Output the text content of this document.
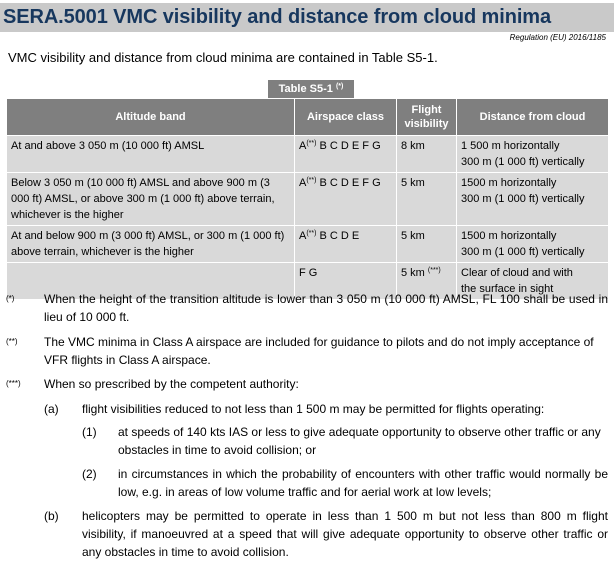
SERA.5001 VMC visibility and distance from cloud minima
Regulation (EU) 2016/1185
VMC visibility and distance from cloud minima are contained in Table S5-1.
Table S5-1 (*)
Altitude band	Airspace class	Flight visibility	Distance from cloud
At and above 3 050 m (10 000 ft) AMSL	A(**) B C D E F G	8 km	1 500 m horizontally
300 m (1 000 ft) vertically

Below 3 050 m (10 000 ft) AMSL and above 900 m (3 000 ft) AMSL, or above 300 m (1 000 ft) above terrain, whichever is the higher	A(**) B C D E F G	5 km	1500 m horizontally
300 m (1 000 ft) vertically

At and below 900 m (3 000 ft) AMSL, or 300 m (1 000 ft) above terrain, whichever is the higher	A(**) B C D E	5 km	1500 m horizontally
300 m (1 000 ft) vertically

	F G	5 km (***)	Clear of cloud and with
the surface in sight
(*) When the height of the transition altitude is lower than 3 050 m (10 000 ft) AMSL, FL 100 shall be used in lieu of 10 000 ft.
(**) The VMC minima in Class A airspace are included for guidance to pilots and do not imply acceptance of VFR flights in Class A airspace.
(***) When so prescribed by the competent authority:
(a) flight visibilities reduced to not less than 1 500 m may be permitted for flights operating:
(1) at speeds of 140 kts IAS or less to give adequate opportunity to observe other traffic or any obstacles in time to avoid collision; or
(2) in circumstances in which the probability of encounters with other traffic would normally be low, e.g. in areas of low volume traffic and for aerial work at low levels;
(b) helicopters may be permitted to operate in less than 1 500 m but not less than 800 m flight visibility, if manoeuvred at a speed that will give adequate opportunity to observe other traffic or any obstacles in time to avoid collision.
